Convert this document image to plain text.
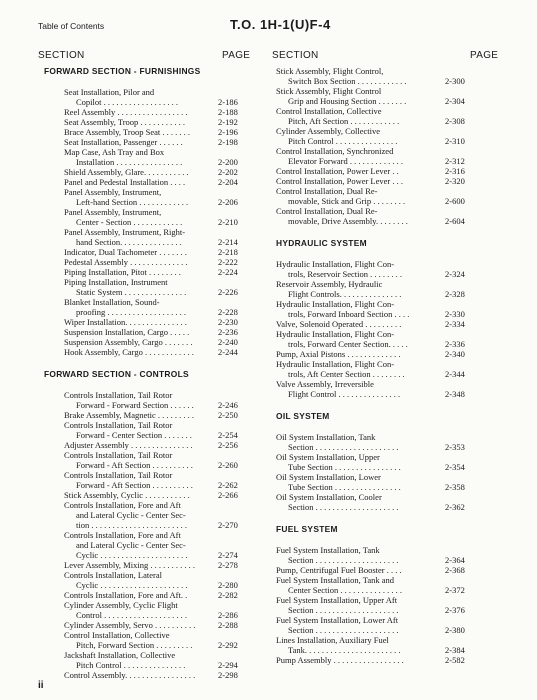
Table of Contents	T.O. 1H-1(U)F-4
SECTION	PAGE SECTION	PAGE
FORWARD SECTION - FURNISHINGS
Seat Installation, Pilor and
Copilot . . . . . . . . . . . . . . . . . .	2-186
Reel Assembly . . . . . . . . . . . . . . . . .	2-188
Seat Assembly, Troop . . . . . . . . . . .	2-192
Brace Assembly, Troop Seat . . . . . . .	2-196
Seat Installation, Passenger . . . . . .	2-198
Map Case, Ash Tray and Box
Installation . . . . . . . . . . . . . . . .	2-200
Shield Assembly, Glare. . . . . . . . . . .	2-202
Panel and Pedestal Installation . . . .	2-204
Panel Assembly, Instrument,
Left-hand Section . . . . . . . . . . . .	2-206
Panel Assembly, Instrument,
Center - Section . . . . . . . . . . . .	2-210
Panel Assembly, Instrument, Right-
hand Section. . . . . . . . . . . . . . .	2-214
Indicator, Dual Tachometer . . . . . . .	2-218
Pedestal Assembly . . . . . . . . . . . . . .	2-222
Piping Installation, Pitot . . . . . . . .	2-224
Piping Installation, Instrument
Static System . . . . . . . . . . . . . . .	2-226
Blanket Installation, Sound-
proofing . . . . . . . . . . . . . . . . . . .	2-228
Wiper Installation. . . . . . . . . . . . . . .	2-230
Suspension Installation, Cargo . . . . .	2-236
Suspension Assembly, Cargo . . . . . . .	2-240
Hook Assembly, Cargo . . . . . . . . . . . .	2-244
FORWARD SECTION - CONTROLS
Controls Installation, Tail Rotor
Forward - Forward Section . . . . . .	2-246
Brake Assembly, Magnetic . . . . . . . . .	2-250
Controls Installation, Tail Rotor
Forward - Center Section . . . . . . .	2-254
Adjuster Assembly . . . . . . . . . . . . . . .	2-256
Controls Installation, Tail Rotor
Forward - Aft Section . . . . . . . . . .	2-260
Controls Installation, Tail Rotor
Forward - Aft Section . . . . . . . . . .	2-262
Stick Assembly, Cyclic . . . . . . . . . . .	2-266
Controls Installation, Fore and Aft
and Lateral Cyclic - Center Sec-
tion . . . . . . . . . . . . . . . . . . . . . . .	2-270
Controls Installation, Fore and Aft
and Lateral Cyclic - Center Sec-
Cyclic . . . . . . . . . . . . . . . . . . . . .	2-274
Lever Assembly, Mixing . . . . . . . . . . .	2-278
Controls Installation, Lateral
Cyclic . . . . . . . . . . . . . . . . . . . . .	2-280
Controls Installation, Fore and Aft. .	2-282
Cylinder Assembly, Cyclic Flight
Control . . . . . . . . . . . . . . . . . . . .	2-286
Cylinder Assembly, Servo . . . . . . . . . .	2-288
Control Installation, Collective
Pitch, Forward Section . . . . . . . . .	2-292
Jackshaft Installation, Collective
Pitch Control . . . . . . . . . . . . . . .	2-294
Control Assembly. . . . . . . . . . . . . . . . .	2-298
Stick Assembly, Flight Control,
Switch Box Section . . . . . . . . . . . .	2-300
Stick Assembly, Flight Control
Grip and Housing Section . . . . . . .	2-304
Control Installation, Collective
Pitch, Aft Section . . . . . . . . . . . .	2-308
Cylinder Assembly, Collective
Pitch Control . . . . . . . . . . . . . . .	2-310
Control Installation, Synchronized
Elevator Forward . . . . . . . . . . . . .	2-312
Control Installation, Power Lever . .	2-316
Control Installation, Power Lever . . .	2-320
Control Installation, Dual Re-
movable, Stick and Grip . . . . . . . .	2-600
Control Installation, Dual Re-
movable, Drive Assembly. . . . . . . .	2-604
HYDRAULIC SYSTEM
Hydraulic Installation, Flight Con-
trols, Reservoir Section . . . . . . . .	2-324
Reservoir Assembly, Hydraulic
Flight Controls. . . . . . . . . . . . . . .	2-328
Hydraulic Installation, Flight Con-
trols, Forward Inboard Section . . . .	2-330
Valve, Solenoid Operated . . . . . . . . .	2-334
Hydraulic Installation, Flight Con-
trols, Forward Center Section. . . . .	2-336
Pump, Axial Pistons . . . . . . . . . . . . .	2-340
Hydraulic Installation, Flight Con-
trols, Aft Center Section . . . . . . . .	2-344
Valve Assembly, Irreversible
Flight Control . . . . . . . . . . . . . . .	2-348
OIL SYSTEM
Oil System Installation, Tank
Section . . . . . . . . . . . . . . . . . . . .	2-353
Oil System Installation, Upper
Tube Section . . . . . . . . . . . . . . . .	2-354
Oil System Installation, Lower
Tube Section . . . . . . . . . . . . . . . .	2-358
Oil System Installation, Cooler
Section . . . . . . . . . . . . . . . . . . . .	2-362
FUEL SYSTEM
Fuel System Installation, Tank
Section . . . . . . . . . . . . . . . . . . . .	2-364
Pump, Centrifugal Fuel Booster . . . .	2-368
Fuel System Installation, Tank and
Center Section . . . . . . . . . . . . . . .	2-372
Fuel System Installation, Upper Aft
Section . . . . . . . . . . . . . . . . . . . .	2-376
Fuel System Installation, Lower Aft
Section . . . . . . . . . . . . . . . . . . . .	2-380
Lines Installation, Auxiliary Fuel
Tank. . . . . . . . . . . . . . . . . . . . . . .	2-384
Pump Assembly . . . . . . . . . . . . . . . . .	2-582
ii
